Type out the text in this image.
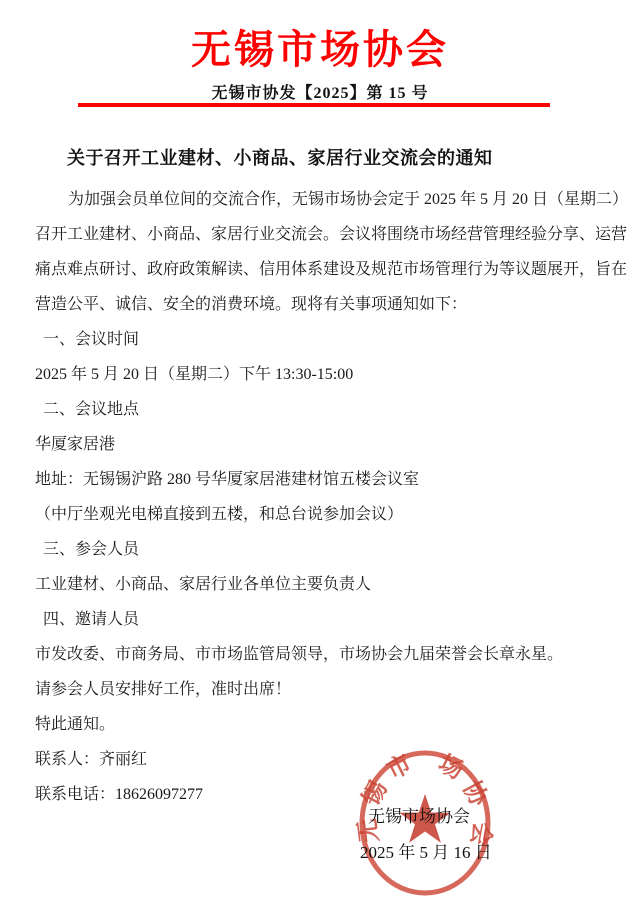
无锡市场协会
无锡市协发【2025】第 15 号
关于召开工业建材、小商品、家居行业交流会的通知
为加强会员单位间的交流合作，无锡市场协会定于 2025 年 5 月 20 日（星期二）
召开工业建材、小商品、家居行业交流会。会议将围绕市场经营管理经验分享、运营
痛点难点研讨、政府政策解读、信用体系建设及规范市场管理行为等议题展开，旨在
营造公平、诚信、安全的消费环境。现将有关事项通知如下：
一、会议时间
2025 年 5 月 20 日（星期二）下午 13:30-15:00
二、会议地点
华厦家居港
地址：无锡锡沪路 280 号华厦家居港建材馆五楼会议室
（中厅坐观光电梯直接到五楼，和总台说参加会议）
三、参会人员
工业建材、小商品、家居行业各单位主要负责人
四、邀请人员
市发改委、市商务局、市市场监管局领导，市场协会九届荣誉会长章永星。
请参会人员安排好工作，准时出席！
特此通知。
联系人：齐丽红
联系电话：18626097277
无
锡
市 场
协
会
无锡市场协会
2025 年 5 月 16 日
